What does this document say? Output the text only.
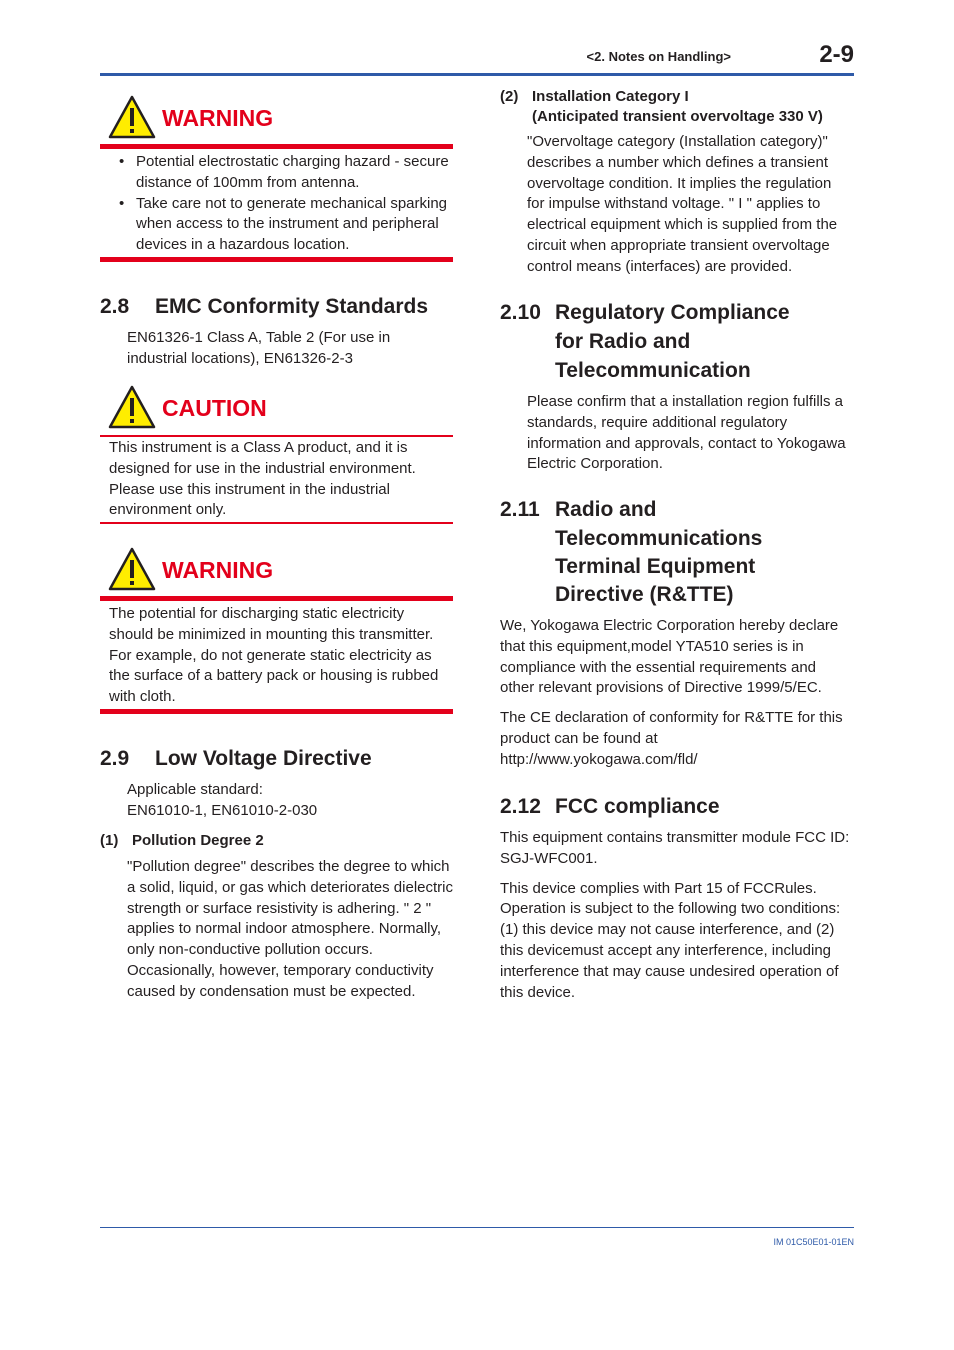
<2. Notes on Handling>	2-9
WARNING
• Potential electrostatic charging hazard - secure distance of 100mm from antenna.
• Take care not to generate mechanical sparking when access to the instrument and peripheral devices in a hazardous location.
2.8 EMC Conformity Standards
EN61326-1 Class A, Table 2 (For use in industrial locations), EN61326-2-3
CAUTION
This instrument is a Class A product, and it is designed for use in the industrial environment. Please use this instrument in the industrial environment only.
WARNING
The potential for discharging static electricity should be minimized in mounting this transmitter. For example, do not generate static electricity as the surface of a battery pack or housing is rubbed with cloth.
2.9 Low Voltage Directive

Applicable standard:

EN61010-1, EN61010-2-030

(1) Pollution Degree 2
"Pollution degree" describes the degree to which a solid, liquid, or gas which deteriorates dielectric strength or surface resistivity is adhering. " 2 " applies to normal indoor atmosphere. Normally, only non-conductive pollution occurs. Occasionally, however, temporary conductivity caused by condensation must be expected.
(2) Installation Category I
(Anticipated transient overvoltage 330 V)
"Overvoltage category (Installation category)" describes a number which defines a transient overvoltage condition. It implies the regulation for impulse withstand voltage. " I " applies to electrical equipment which is supplied from the circuit when appropriate transient overvoltage control means (interfaces) are provided.
2.10 Regulatory Compliance
for Radio and
Telecommunication
Please confirm that a installation region fulfills a standards, require additional regulatory information and approvals, contact to Yokogawa Electric Corporation.
2.11 Radio and
Telecommunications
Terminal Equipment
Directive (R&TTE)

We, Yokogawa Electric Corporation hereby declare that this equipment,model YTA510 series is in compliance with the essential requirements and other relevant provisions of Directive 1999/5/EC.

The CE declaration of conformity for R&TTE for this product can be found at

http://www.yokogawa.com/fld/

2.12 FCC compliance

This equipment contains transmitter module FCC ID: SGJ-WFC001.

This device complies with Part 15 of FCCRules. Operation is subject to the following two conditions: (1) this device may not cause interference, and (2) this devicemust accept any interference, including interference that may cause undesired operation of this device.

IM 01C50E01-01EN
